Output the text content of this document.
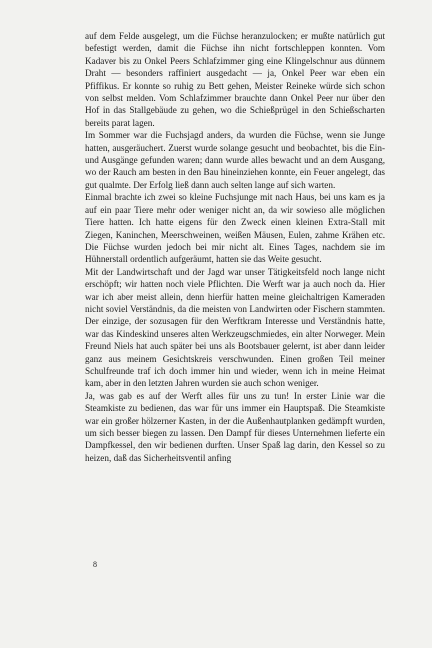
auf dem Felde ausgelegt, um die Füchse heranzulocken; er mußte natürlich gut befestigt werden, damit die Füchse ihn nicht fortschleppen konnten. Vom Kadaver bis zu Onkel Peers Schlafzimmer ging eine Klingelschnur aus dünnem Draht — besonders raffiniert ausgedacht — ja, Onkel Peer war eben ein Pfiffikus. Er konnte so ruhig zu Bett gehen, Meister Reineke würde sich schon von selbst melden. Vom Schlafzimmer brauchte dann Onkel Peer nur über den Hof in das Stallgebäude zu gehen, wo die Schießprügel in den Schießscharten bereits parat lagen.

Im Sommer war die Fuchsjagd anders, da wurden die Füchse, wenn sie Junge hatten, ausgeräuchert. Zuerst wurde solange gesucht und beobachtet, bis die Ein- und Ausgänge gefunden waren; dann wurde alles bewacht und an dem Ausgang, wo der Rauch am besten in den Bau hineinziehen konnte, ein Feuer angelegt, das gut qualmte. Der Erfolg ließ dann auch selten lange auf sich warten.

Einmal brachte ich zwei so kleine Fuchsjunge mit nach Haus, bei uns kam es ja auf ein paar Tiere mehr oder weniger nicht an, da wir sowieso alle möglichen Tiere hatten. Ich hatte eigens für den Zweck einen kleinen Extra-Stall mit Ziegen, Kaninchen, Meerschweinen, weißen Mäusen, Eulen, zahme Krähen etc. Die Füchse wurden jedoch bei mir nicht alt. Eines Tages, nachdem sie im Hühnerstall ordentlich aufgeräumt, hatten sie das Weite gesucht.

Mit der Landwirtschaft und der Jagd war unser Tätigkeitsfeld noch lange nicht erschöpft; wir hatten noch viele Pflichten. Die Werft war ja auch noch da. Hier war ich aber meist allein, denn hierfür hatten meine gleichaltrigen Kameraden nicht soviel Verständnis, da die meisten von Landwirten oder Fischern stammten. Der einzige, der sozusagen für den Werftkram Interesse und Verständnis hatte, war das Kindeskind unseres alten Werkzeugschmiedes, ein alter Norweger. Mein Freund Niels hat auch später bei uns als Bootsbauer gelernt, ist aber dann leider ganz aus meinem Gesichtskreis verschwunden. Einen großen Teil meiner Schulfreunde traf ich doch immer hin und wieder, wenn ich in meine Heimat kam, aber in den letzten Jahren wurden sie auch schon weniger.

Ja, was gab es auf der Werft alles für uns zu tun! In erster Linie war die Steamkiste zu bedienen, das war für uns immer ein Hauptspaß. Die Steamkiste war ein großer hölzerner Kasten, in der die Außenhautplanken gedämpft wurden, um sich besser biegen zu lassen. Den Dampf für dieses Unternehmen lieferte ein Dampfkessel, den wir bedienen durften. Unser Spaß lag darin, den Kessel so zu heizen, daß das Sicherheitsventil anfing

8
